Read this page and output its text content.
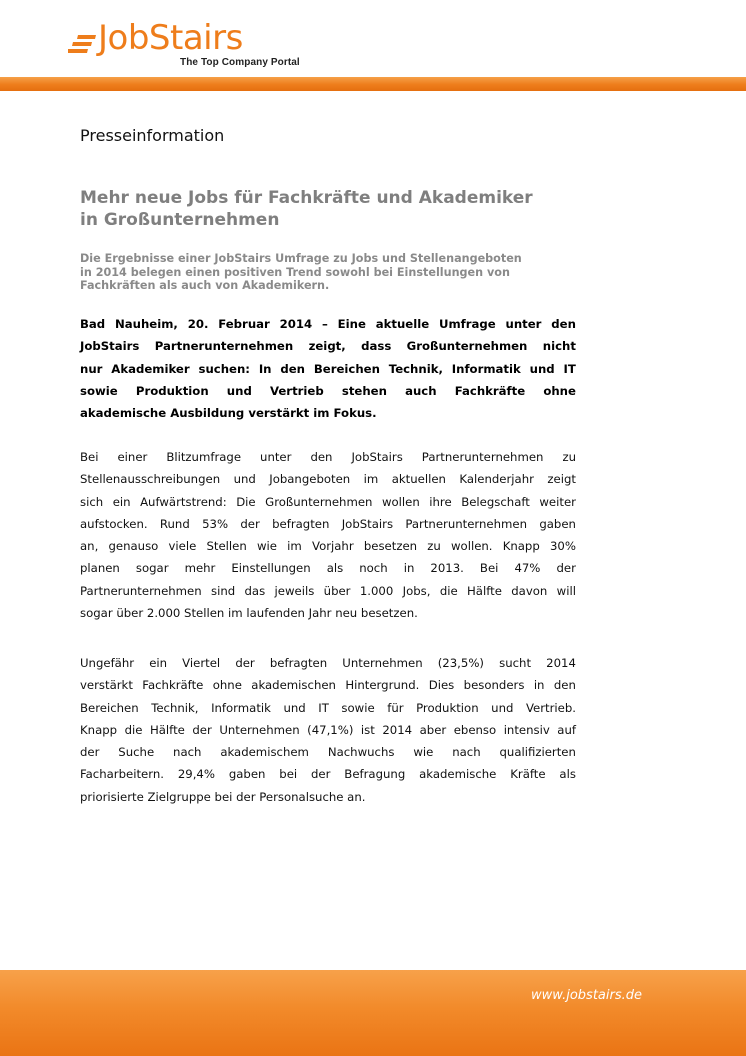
JobStairs
The Top Company Portal
Presseinformation
Mehr neue Jobs für Fachkräfte und Akademiker
in Großunternehmen
Die Ergebnisse einer JobStairs Umfrage zu Jobs und Stellenangeboten
in 2014 belegen einen positiven Trend sowohl bei Einstellungen von
Fachkräften als auch von Akademikern.
Bad Nauheim, 20. Februar 2014 – Eine aktuelle Umfrage unter den
JobStairs Partnerunternehmen zeigt, dass Großunternehmen nicht
nur Akademiker suchen: In den Bereichen Technik, Informatik und IT
sowie Produktion und Vertrieb stehen auch Fachkräfte ohne
akademische Ausbildung verstärkt im Fokus.
Bei einer Blitzumfrage unter den JobStairs Partnerunternehmen zu
Stellenausschreibungen und Jobangeboten im aktuellen Kalenderjahr zeigt
sich ein Aufwärtstrend: Die Großunternehmen wollen ihre Belegschaft weiter
aufstocken. Rund 53% der befragten JobStairs Partnerunternehmen gaben
an, genauso viele Stellen wie im Vorjahr besetzen zu wollen. Knapp 30%
planen sogar mehr Einstellungen als noch in 2013. Bei 47% der
Partnerunternehmen sind das jeweils über 1.000 Jobs, die Hälfte davon will
sogar über 2.000 Stellen im laufenden Jahr neu besetzen.
Ungefähr ein Viertel der befragten Unternehmen (23,5%) sucht 2014
verstärkt Fachkräfte ohne akademischen Hintergrund. Dies besonders in den
Bereichen Technik, Informatik und IT sowie für Produktion und Vertrieb.
Knapp die Hälfte der Unternehmen (47,1%) ist 2014 aber ebenso intensiv auf
der Suche nach akademischem Nachwuchs wie nach qualifizierten
Facharbeitern. 29,4% gaben bei der Befragung akademische Kräfte als
priorisierte Zielgruppe bei der Personalsuche an.
www.jobstairs.de
